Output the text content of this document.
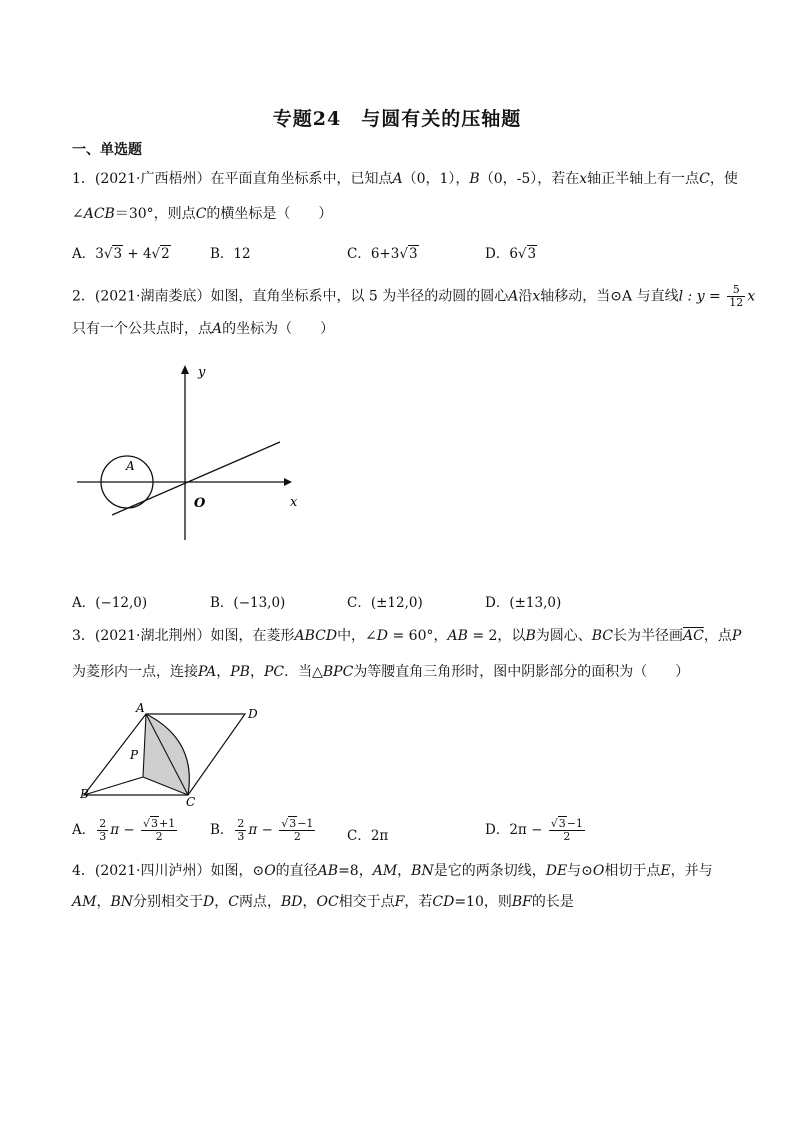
专题24　与圆有关的压轴题
一、单选题
1．(2021·广西梧州）在平面直角坐标系中，已知点A（0，1），B（0，-5），若在x轴正半轴上有一点C，使
∠ACB＝30°，则点C的横坐标是（　　）
A．3√3 + 4√2	B．12	C．6+3√3	D．6√3
2．(2021·湖南娄底）如图，直角坐标系中，以 5 为半径的动圆的圆心A沿x轴移动，当⊙A 与直线l : $y = \frac{5}{12}$ x
只有一个公共点时，点A的坐标为（　　）
y
x
O
A
A．(−12,0)	B．(−13,0)	C．(±12,0)	D．(±13,0)
3．(2021·湖北荆州）如图，在菱形ABCD中，∠D = 60°，AB = 2，以B为圆心、BC长为半径画$\overline{AC}$，点P
为菱形内一点，连接PA，PB，PC．当△BPC为等腰直角三角形时，图中阴影部分的面积为（　　）
A	D
B
C
P
A． $\frac{2}{3}$ $\pi - \frac{√3+1}{2}$ B． $\frac{2}{3}$ $\pi - \frac{√3-1}{2}$ C．2π	D．$2\pi - \frac{√3-1}{2}$
4．(2021·四川泸州）如图，⊙O的直径AB=8，AM，BN是它的两条切线，DE与⊙O相切于点E，并与
AM，BN分别相交于D，C两点，BD，OC相交于点F，若CD=10，则BF的长是
